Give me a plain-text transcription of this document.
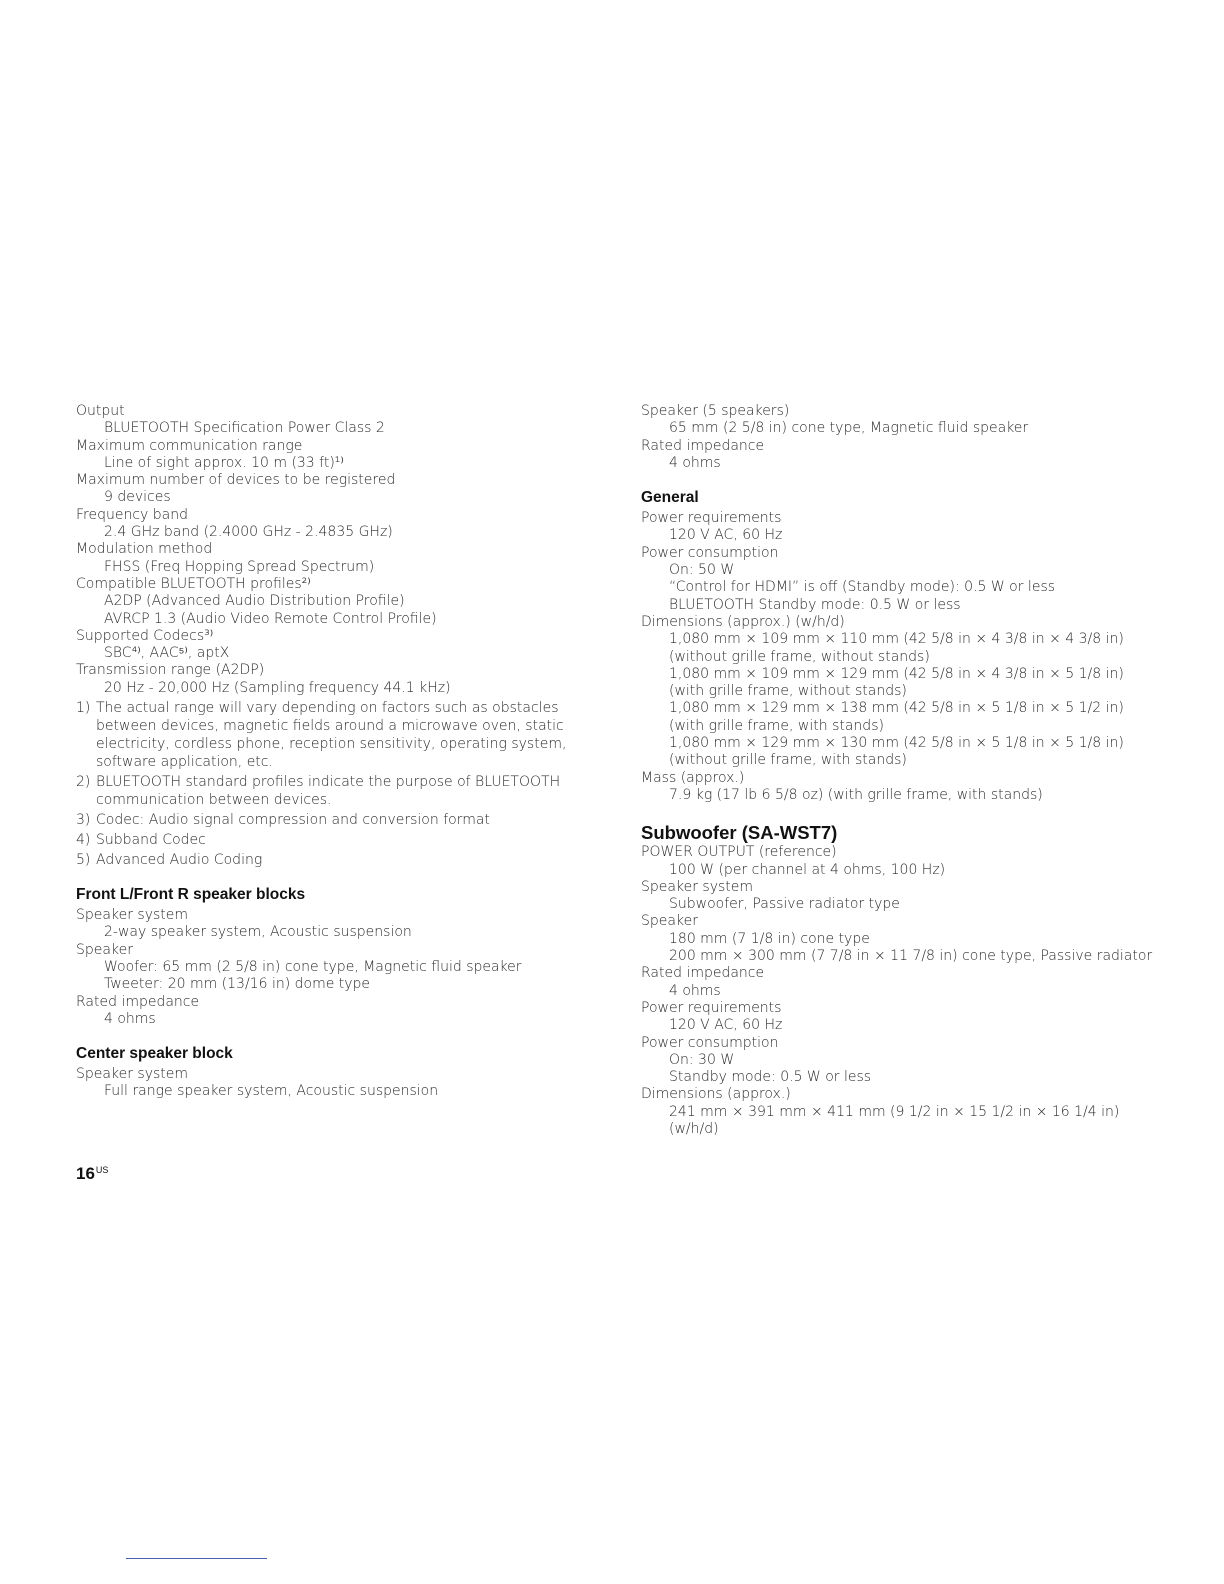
Output
BLUETOOTH Specification Power Class 2
Maximum communication range
Line of sight approx. 10 m (33 ft)¹⁾
Maximum number of devices to be registered
9 devices
Frequency band
2.4 GHz band (2.4000 GHz - 2.4835 GHz)
Modulation method
FHSS (Freq Hopping Spread Spectrum)
Compatible BLUETOOTH profiles²⁾
A2DP (Advanced Audio Distribution Profile)
AVRCP 1.3 (Audio Video Remote Control Profile)
Supported Codecs³⁾
SBC⁴⁾, AAC⁵⁾, aptX
Transmission range (A2DP)
20 Hz - 20,000 Hz (Sampling frequency 44.1 kHz)
1) The actual range will vary depending on factors such as obstacles between devices, magnetic fields around a microwave oven, static electricity, cordless phone, reception sensitivity, operating system, software application, etc.
2) BLUETOOTH standard profiles indicate the purpose of BLUETOOTH communication between devices.
3) Codec: Audio signal compression and conversion format
4) Subband Codec
5) Advanced Audio Coding
Front L/Front R speaker blocks
Speaker system
2-way speaker system, Acoustic suspension
Speaker
Woofer: 65 mm (2 5/8 in) cone type, Magnetic fluid speaker
Tweeter: 20 mm (13/16 in) dome type
Rated impedance
4 ohms
Center speaker block
Speaker system
Full range speaker system, Acoustic suspension
Speaker (5 speakers)
65 mm (2 5/8 in) cone type, Magnetic fluid speaker
Rated impedance
4 ohms
General
Power requirements
120 V AC, 60 Hz
Power consumption
On: 50 W
“Control for HDMI” is off (Standby mode): 0.5 W or less
BLUETOOTH Standby mode: 0.5 W or less
Dimensions (approx.) (w/h/d)
1,080 mm × 109 mm × 110 mm (42 5/8 in × 4 3/8 in × 4 3/8 in)
(without grille frame, without stands)
1,080 mm × 109 mm × 129 mm (42 5/8 in × 4 3/8 in × 5 1/8 in)
(with grille frame, without stands)
1,080 mm × 129 mm × 138 mm (42 5/8 in × 5 1/8 in × 5 1/2 in)
(with grille frame, with stands)
1,080 mm × 129 mm × 130 mm (42 5/8 in × 5 1/8 in × 5 1/8 in)
(without grille frame, with stands)
Mass (approx.)
7.9 kg (17 lb 6 5/8 oz) (with grille frame, with stands)
Subwoofer (SA-WST7)
POWER OUTPUT (reference)
100 W (per channel at 4 ohms, 100 Hz)
Speaker system
Subwoofer, Passive radiator type
Speaker
180 mm (7 1/8 in) cone type
200 mm × 300 mm (7 7/8 in × 11 7/8 in) cone type, Passive radiator
Rated impedance
4 ohms
Power requirements
120 V AC, 60 Hz
Power consumption
On: 30 W
Standby mode: 0.5 W or less
Dimensions (approx.)
241 mm × 391 mm × 411 mm (9 1/2 in × 15 1/2 in × 16 1/4 in)
(w/h/d)
$16^{US}$
